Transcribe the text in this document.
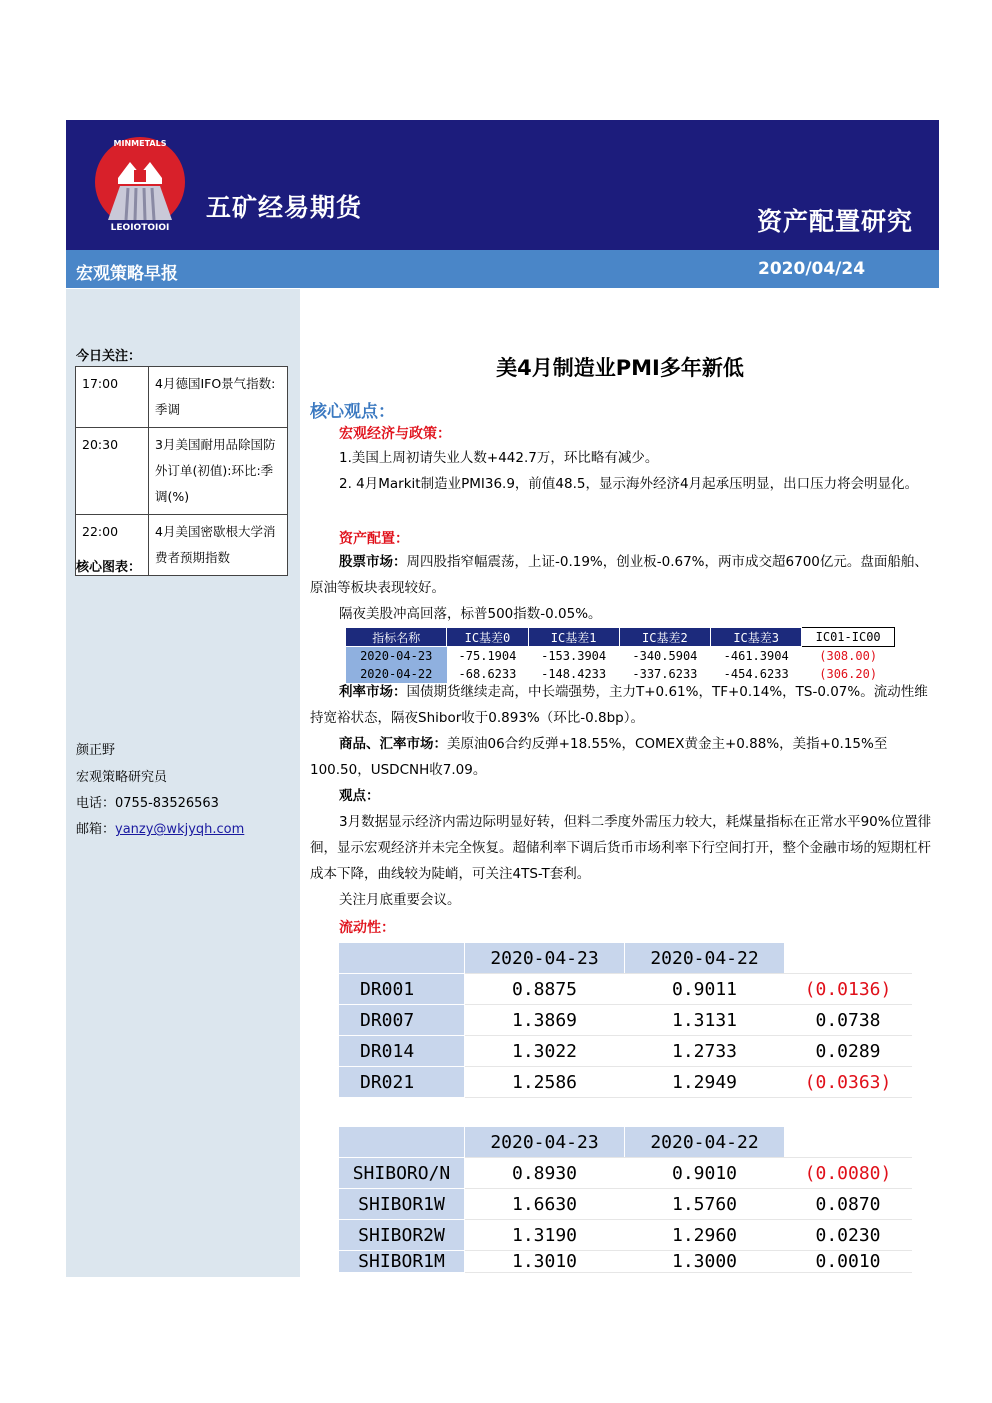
LEOIOTOIOI
MINMETALS
五矿经易期货	资产配置研究
宏观策略早报	2020/04/24
今日关注：
17:00	4月德国IFO景气指数:季调
20:30	3月美国耐用品除国防外订单(初值):环比:季调(%)
22:00	4月美国密歇根大学消费者预期指数
核心图表：
颜正野
宏观策略研究员
电话：0755-83526563
邮箱：yanzy@wkjyqh.com
美4月制造业PMI多年新低
核心观点：
宏观经济与政策：
1.美国上周初请失业人数+442.7万，环比略有减少。
2. 4月Markit制造业PMI36.9，前值48.5，显示海外经济4月起承压明显，出口压力将会明显化。
资产配置：
股票市场：周四股指窄幅震荡，上证-0.19%，创业板-0.67%，两市成交超6700亿元。盘面船舶、原油等板块表现较好。
隔夜美股冲高回落，标普500指数-0.05%。
指标名称	IC基差0	IC基差1	IC基差2	IC基差3	IC01-IC00
2020-04-23	-75.1904	-153.3904	-340.5904	-461.3904	(308.00)
2020-04-22	-68.6233	-148.4233	-337.6233	-454.6233	(306.20)
利率市场：国债期货继续走高，中长端强势，主力T+0.61%，TF+0.14%，TS-0.07%。流动性维持宽裕状态，隔夜Shibor收于0.893%（环比-0.8bp）。
商品、汇率市场：美原油06合约反弹+18.55%，COMEX黄金主+0.88%，美指+0.15%至100.50，USDCNH收7.09。
观点：
3月数据显示经济内需边际明显好转，但料二季度外需压力较大，耗煤量指标在正常水平90%位置徘徊，显示宏观经济并未完全恢复。超储利率下调后货币市场利率下行空间打开，整个金融市场的短期杠杆成本下降，曲线较为陡峭，可关注4TS-T套利。
关注月底重要会议。
流动性：
	2020-04-23	2020-04-22	
DR001	0.8875	0.9011	(0.0136)
DR007	1.3869	1.3131	0.0738
DR014	1.3022	1.2733	0.0289
DR021	1.2586	1.2949	(0.0363)

	2020-04-23	2020-04-22	
SHIBORO/N	0.8930	0.9010	(0.0080)
SHIBOR1W	1.6630	1.5760	0.0870
SHIBOR2W	1.3190	1.2960	0.0230
SHIBOR1M	1.3010	1.3000	0.0010
